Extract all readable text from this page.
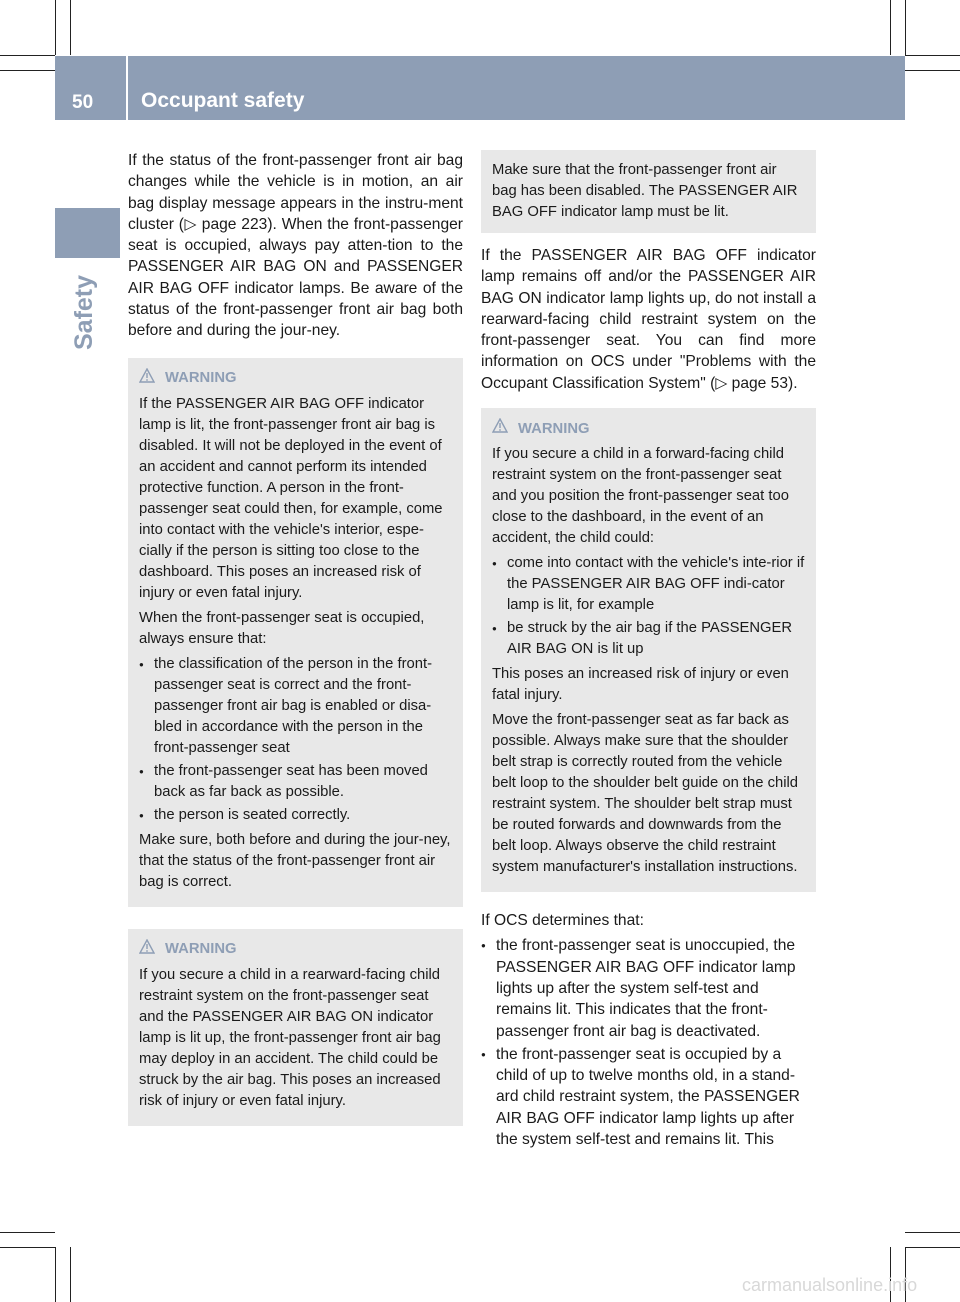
50 Occupant safety
Safety

If the status of the front-passenger front air bag changes while the vehicle is in motion, an air bag display message appears in the instru-ment cluster (▷ page 223). When the front-passenger seat is occupied, always pay atten-tion to the PASSENGER AIR BAG ON and PASSENGER AIR BAG OFF indicator lamps. Be aware of the status of the front-passenger front air bag both before and during the jour-ney.

WARNING

If the PASSENGER AIR BAG OFF indicator lamp is lit, the front-passenger front air bag is disabled. It will not be deployed in the event of an accident and cannot perform its intended protective function. A person in the front-passenger seat could then, for example, come into contact with the vehicle's interior, espe-cially if the person is sitting too close to the dashboard. This poses an increased risk of injury or even fatal injury.

When the front-passenger seat is occupied, always ensure that:

● the classification of the person in the front-passenger seat is correct and the front-passenger front air bag is enabled or disa-bled in accordance with the person in the front-passenger seat
● the front-passenger seat has been moved back as far back as possible.
● the person is seated correctly.

Make sure, both before and during the jour-ney, that the status of the front-passenger front air bag is correct.

WARNING

If you secure a child in a rearward-facing child restraint system on the front-passenger seat and the PASSENGER AIR BAG ON indicator lamp is lit up, the front-passenger front air bag may deploy in an accident. The child could be struck by the air bag. This poses an increased risk of injury or even fatal injury.

Make sure that the front-passenger front air bag has been disabled. The PASSENGER AIR BAG OFF indicator lamp must be lit.

If the PASSENGER AIR BAG OFF indicator lamp remains off and/or the PASSENGER AIR BAG ON indicator lamp lights up, do not install a rearward-facing child restraint system on the front-passenger seat. You can find more information on OCS under "Problems with the Occupant Classification System" (▷ page 53).

WARNING

If you secure a child in a forward-facing child restraint system on the front-passenger seat and you position the front-passenger seat too close to the dashboard, in the event of an accident, the child could:

● come into contact with the vehicle's inte-rior if the PASSENGER AIR BAG OFF indi-cator lamp is lit, for example
● be struck by the air bag if the PASSENGER AIR BAG ON is lit up

This poses an increased risk of injury or even fatal injury.

Move the front-passenger seat as far back as possible. Always make sure that the shoulder belt strap is correctly routed from the vehicle belt loop to the shoulder belt guide on the child restraint system. The shoulder belt strap must be routed forwards and downwards from the belt loop. Always observe the child restraint system manufacturer's installation instructions.

If OCS determines that:

● the front-passenger seat is unoccupied, the PASSENGER AIR BAG OFF indicator lamp lights up after the system self-test and remains lit. This indicates that the front-passenger front air bag is deactivated.
● the front-passenger seat is occupied by a child of up to twelve months old, in a stand-ard child restraint system, the PASSENGER AIR BAG OFF indicator lamp lights up after the system self-test and remains lit. This
carmanualsonline.info
